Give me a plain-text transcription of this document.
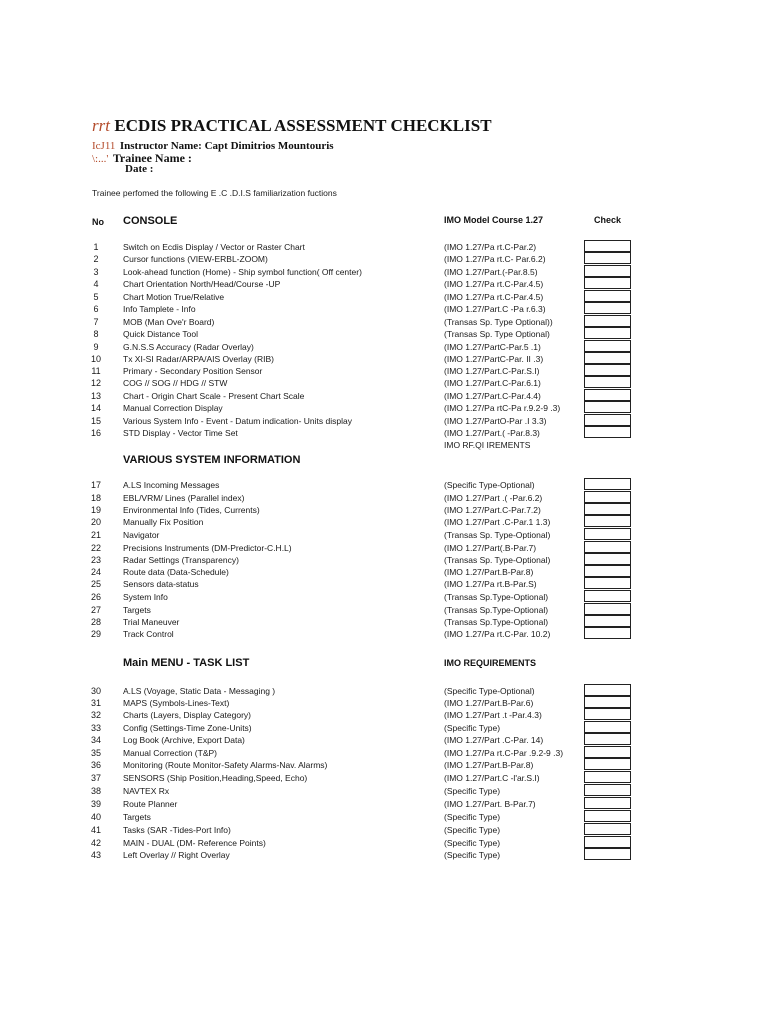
rrt ECDIS PRACTICAL ASSESSMENT CHECKLIST
IcJ11 Instructor Name: Capt Dimitrios Mountouris
\:...' Trainee Name :
Date :
Trainee perfomed the following E .C .D.I.S familiarization fuctions
No CONSOLE	IMO Model Course 1.27	Check
1	Switch on Ecdis Display / Vector or Raster Chart	(IMO 1.27/Pa rt.C-Par.2)
2	Cursor functions (VIEW-ERBL-ZOOM)	(IMO 1.27/Pa rt.C- Par.6.2)
3	Look-ahead function (Home) - Ship symbol function( Off center)	(IMO 1.27/Part.(-Par.8.5)
4	Chart Orientation North/Head/Course -UP	(IMO 1.27/Pa rt.C-Par.4.5)
5	Chart Motion True/Relative	(IMO 1.27/Pa rt.C-Par.4.5)
6	Info Tamplete - Info	(IMO 1.27/Part.C -Pa r.6.3)
7	MOB (Man Ove'r Board)	(Transas Sp. Type Optional))
8	Quick Distance Tool	(Transas Sp. Type Optional)
9	G.N.S.S Accuracy (Radar Overlay)	(IMO 1.27/PartC-Par.5 .1)
10	Tx XI-SI Radar/ARPA/AIS Overlay (RIB)	(IMO 1.27/PartC-Par. II .3)
11	Primary - Secondary Position Sensor	(IMO 1.27/Part.C-Par.S.I)
12	COG // SOG // HDG // STW	(IMO 1.27/Part.C-Par.6.1)
13	Chart - Origin Chart Scale - Present Chart Scale	(IMO 1.27/Part.C-Par.4.4)
14	Manual Correction Display	(IMO 1.27/Pa rtC-Pa r.9.2-9 .3)
15	Various System Info - Event - Datum indication- Units display	(IMO 1.27/PartO-Par .I 3.3)
16	STD Display - Vector Time Set	(IMO 1.27/Part.( -Par.8.3)
IMO RF.QI IREMENTS
VARIOUS SYSTEM INFORMATION
17	A.LS Incoming Messages	(Specific Type-Optional)
18	EBL/VRM/ Lines (Parallel index)	(IMO 1.27/Part .( -Par.6.2)
19	Environmental Info (Tides, Currents)	(IMO 1.27/Part.C-Par.7.2)
20	Manually Fix Position	(IMO 1.27/Part .C-Par.1 1.3)
21	Navigator	(Transas Sp. Type-Optional)
22	Precisions Instruments (DM-Predictor-C.H.L)	(IMO 1.27/Part(.B-Par.7)
23	Radar Settings (Transparency)	(Transas Sp. Type-Optional)
24	Route data (Data-Schedule)	(IMO 1.27/Part.B-Par.8)
25	Sensors data-status	(IMO 1.27/Pa rt.B-Par.S)
26	System Info	(Transas Sp.Type-Optional)
27	Targets	(Transas Sp.Type-Optional)
28	Trial Maneuver	(Transas Sp.Type-Optional)
29	Track Control	(IMO 1.27/Pa rt.C-Par. 10.2)
Main MENU - TASK LIST	IMO REQUIREMENTS
30	A.LS (Voyage, Static Data - Messaging )	(Specific Type-Optional)
31	MAPS (Symbols-Lines-Text)	(IMO 1.27/Part.B-Par.6)
32	Charts (Layers, Display Category)	(IMO 1.27/Part .t -Par.4.3)
33	Config (Settings-Time Zone-Units)	(Specific Type)
34	Log Book (Archive, Export Data)	(IMO 1.27/Part .C-Par. 14)
35	Manual Correction (T&P)	(IMO 1.27/Pa rt.C-Par .9.2-9 .3)
36	Monitoring (Route Monitor-Safety Alarms-Nav. Alarms)	(IMO 1.27/Part.B-Par.8)
37	SENSORS (Ship Position,Heading,Speed, Echo)	(IMO 1.27/Part.C -l'ar.S.I)
38	NAVTEX Rx	(Specific Type)
39	Route Planner	(IMO 1.27/Part. B-Par.7)
40	Targets	(Specific Type)
41	Tasks (SAR -Tides-Port Info)	(Specific Type)
42	MAIN - DUAL (DM- Reference Points)	(Specific Type)
43	Left Overlay // Right Overlay	(Specific Type)
